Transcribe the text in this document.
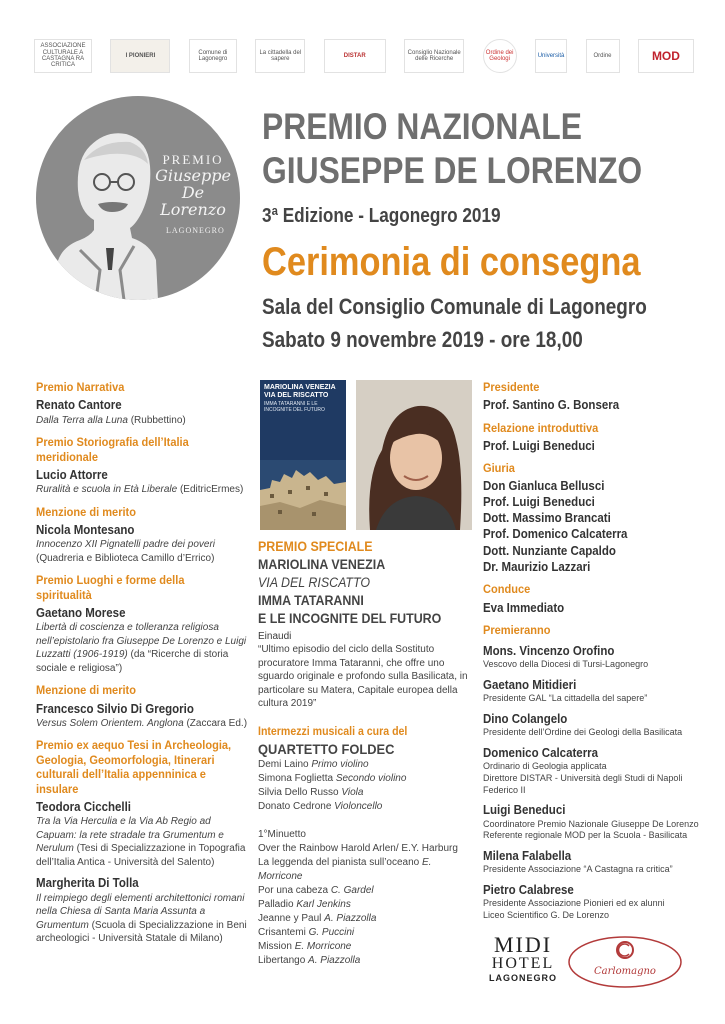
ASSOCIAZIONE CULTURALE A CASTAGNA RA CRITICA
I PIONIERI
Comune di Lagonegro
La cittadella del sapere
DISTAR
Consiglio Nazionale delle Ricerche
Ordine dei Geologi
Università	Ordine	MOD
PREMIO
Giuseppe
De Lorenzo
LAGONEGRO
PREMIO NAZIONALE
GIUSEPPE DE LORENZO
3ª Edizione - Lagonegro 2019
Cerimonia di consegna
Sala del Consiglio Comunale di Lagonegro
Sabato 9 novembre 2019 - ore 18,00
Premio Narrativa
Renato Cantore
Dalla Terra alla Luna (Rubbettino)
Premio Storiografia dell’Italia meridionale
Lucio Attorre
Ruralità e scuola in Età Liberale (EditricErmes)
Menzione di merito
Nicola Montesano
Innocenzo XII Pignatelli padre dei poveri
(Quadreria e Biblioteca Camillo d’Errico)
Premio Luoghi e forme della spiritualità
Gaetano Morese
Libertà di coscienza e tolleranza religiosa nell’epistolario fra Giuseppe De Lorenzo e Luigi Luzzatti (1906-1919) (da “Ricerche di storia sociale e religiosa”)
Menzione di merito
Francesco Silvio Di Gregorio
Versus Solem Orientem. Anglona (Zaccara Ed.)
Premio ex aequo Tesi in Archeologia, Geologia, Geomorfologia, Itinerari culturali dell’Italia appenninica e insulare
Teodora Cicchelli
Tra la Via Herculia e la Via Ab Regio ad Capuam: la rete stradale tra Grumentum e Nerulum (Tesi di Specializzazione in Topografia dell’Italia Antica - Università del Salento)
Margherita Di Tolla
Il reimpiego degli elementi architettonici romani nella Chiesa di Santa Maria Assunta a Grumentum (Scuola di Specializzazione in Beni archeologici - Università Statale di Milano)
MARIOLINA VENEZIA
VIA DEL RISCATTO
IMMA TATARANNI E LE INCOGNITE DEL FUTURO
PREMIO SPECIALE
MARIOLINA VENEZIA
VIA DEL RISCATTO
IMMA TATARANNI
E LE INCOGNITE DEL FUTURO
Einaudi
“Ultimo episodio del ciclo della Sostituto procuratore Imma Tataranni, che offre uno sguardo originale e profondo sulla Basilicata, in particolare su Matera, Capitale europea della cultura 2019”
Intermezzi musicali a cura del
QUARTETTO FOLDEC
Demi Laino Primo violino
Simona Foglietta Secondo violino
Silvia Dello Russo Viola
Donato Cedrone Violoncello
1°Minuetto
Over the Rainbow Harold Arlen/ E.Y. Harburg
La leggenda del pianista sull’oceano E. Morricone
Por una cabeza C. Gardel
Palladio Karl Jenkins
Jeanne y Paul A. Piazzolla
Crisantemi G. Puccini
Mission E. Morricone
Libertango A. Piazzolla
Presidente
Prof. Santino G. Bonsera
Relazione introduttiva
Prof. Luigi Beneduci
Giuria
Don Gianluca Bellusci
Prof. Luigi Beneduci
Dott. Massimo Brancati
Prof. Domenico Calcaterra
Dott. Nunziante Capaldo
Dr. Maurizio Lazzari
Conduce
Eva Immediato
Premieranno
Mons. Vincenzo Orofino
Vescovo della Diocesi di Tursi-Lagonegro
Gaetano Mitidieri
Presidente GAL “La cittadella del sapere”
Dino Colangelo
Presidente dell’Ordine dei Geologi della Basilicata
Domenico Calcaterra
Ordinario di Geologia applicata
Direttore DISTAR - Università degli Studi di Napoli Federico II
Luigi Beneduci
Coordinatore Premio Nazionale Giuseppe De Lorenzo
Referente regionale MOD per la Scuola - Basilicata
Milena Falabella
Presidente Associazione “A Castagna ra critica”
Pietro Calabrese
Presidente Associazione Pionieri ed ex alunni
Liceo Scientifico G. De Lorenzo
MIDI
HOTEL
LAGONEGRO
Carlomagno
